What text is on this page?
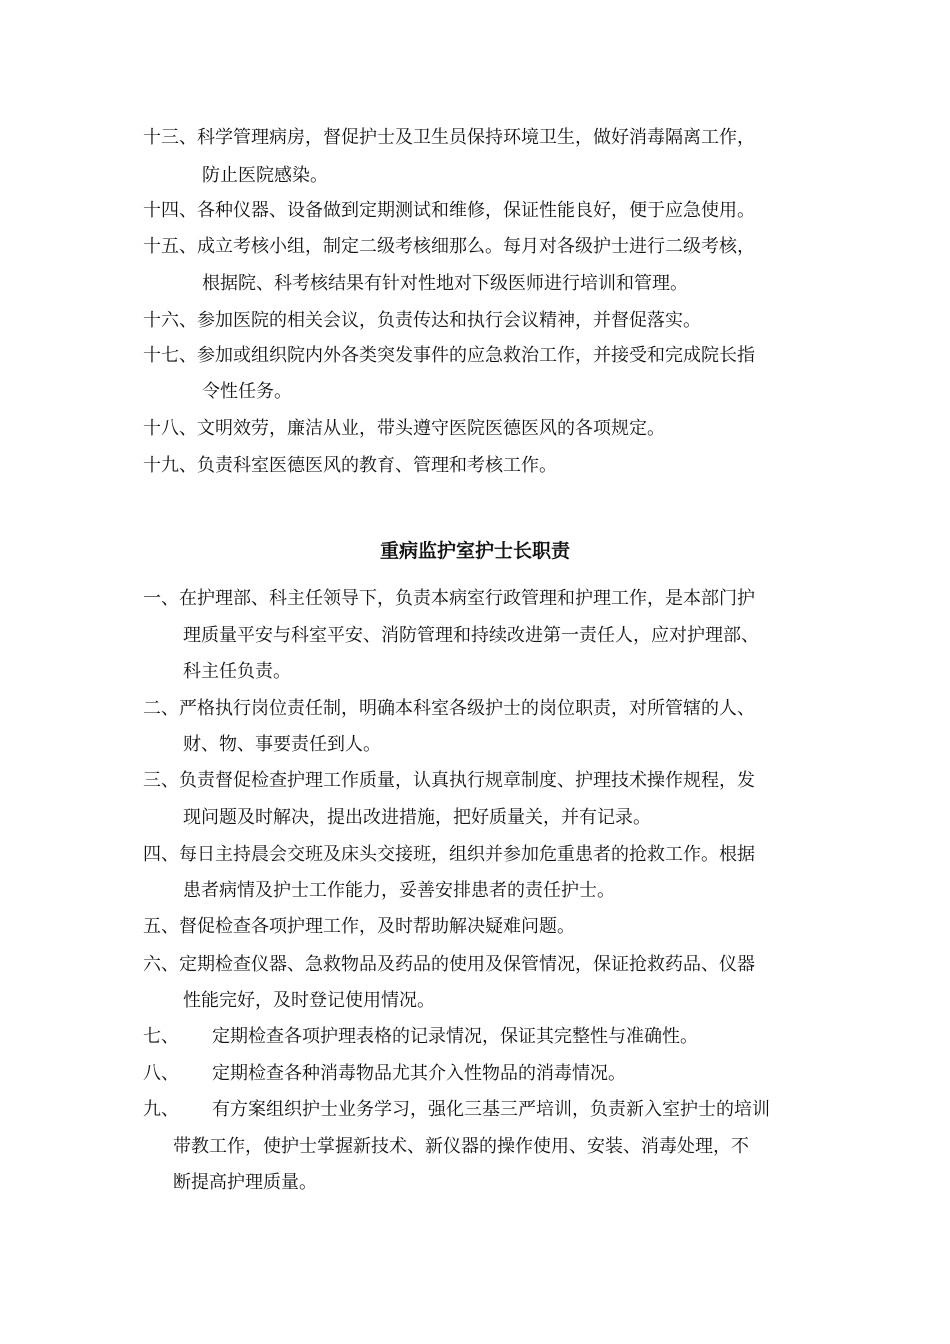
十三、科学管理病房，督促护士及卫生员保持环境卫生，做好消毒隔离工作，
防止医院感染。
十四、各种仪器、设备做到定期测试和维修，保证性能良好，便于应急使用。
十五、成立考核小组，制定二级考核细那么。每月对各级护士进行二级考核，
根据院、科考核结果有针对性地对下级医师进行培训和管理。
十六、参加医院的相关会议，负责传达和执行会议精神，并督促落实。
十七、参加或组织院内外各类突发事件的应急救治工作，并接受和完成院长指
令性任务。
十八、文明效劳，廉洁从业，带头遵守医院医德医风的各项规定。
十九、负责科室医德医风的教育、管理和考核工作。
重病监护室护士长职责
一、在护理部、科主任领导下，负责本病室行政管理和护理工作，是本部门护
理质量平安与科室平安、消防管理和持续改进第一责任人，应对护理部、
科主任负责。
二、严格执行岗位责任制，明确本科室各级护士的岗位职责，对所管辖的人、
财、物、事要责任到人。
三、负责督促检查护理工作质量，认真执行规章制度、护理技术操作规程，发
现问题及时解决，提出改进措施，把好质量关，并有记录。
四、每日主持晨会交班及床头交接班，组织并参加危重患者的抢救工作。根据
患者病情及护士工作能力，妥善安排患者的责任护士。
五、督促检查各项护理工作，及时帮助解决疑难问题。
六、定期检查仪器、急救物品及药品的使用及保管情况，保证抢救药品、仪器
性能完好，及时登记使用情况。
七、 定期检查各项护理表格的记录情况，保证其完整性与准确性。
八、 定期检查各种消毒物品尤其介入性物品的消毒情况。
九、 有方案组织护士业务学习，强化三基三严培训，负责新入室护士的培训
带教工作，使护士掌握新技术、新仪器的操作使用、安装、消毒处理，不
断提高护理质量。
